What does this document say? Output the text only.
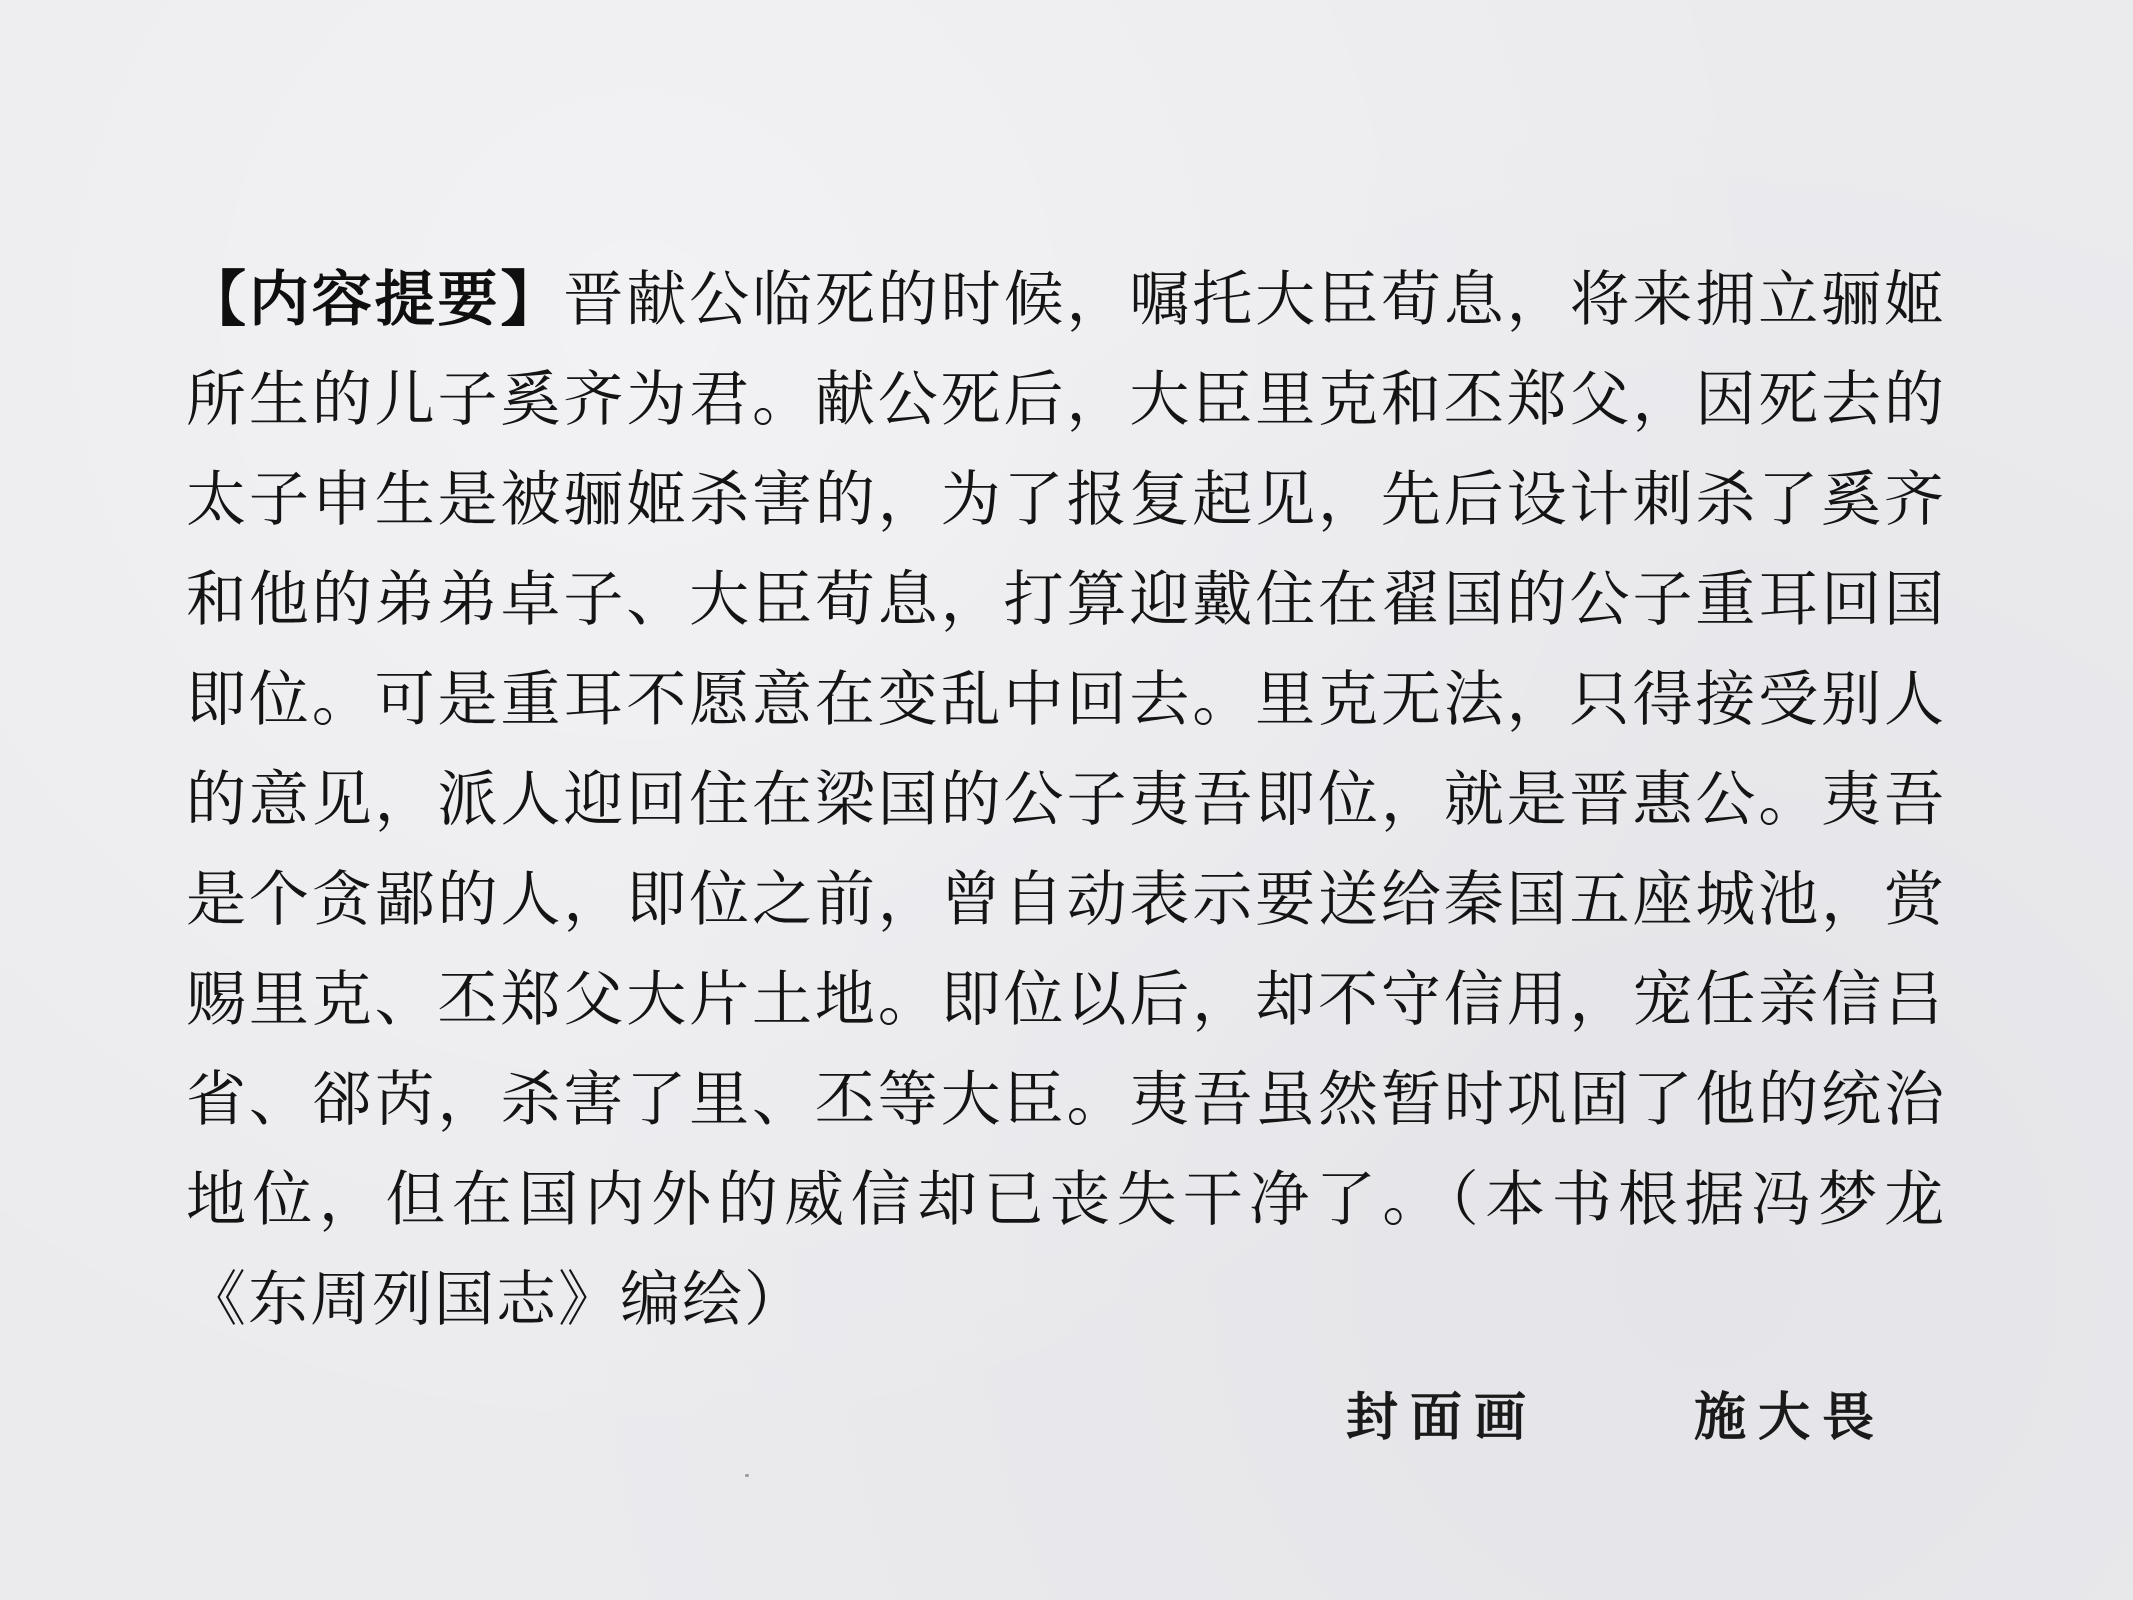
【内容提要】晋献公临死的时候，嘱托大臣荀息，将来拥立骊姬所生的儿子奚齐为君。献公死后，大臣里克和丕郑父，因死去的太子申生是被骊姬杀害的，为了报复起见，先后设计刺杀了奚齐和他的弟弟卓子、大臣荀息，打算迎戴住在翟国的公子重耳回国即位。可是重耳不愿意在变乱中回去。里克无法，只得接受别人的意见，派人迎回住在梁国的公子夷吾即位，就是晋惠公。夷吾是个贪鄙的人，即位之前，曾自动表示要送给秦国五座城池，赏赐里克、丕郑父大片土地。即位以后，却不守信用，宠任亲信吕省、郤芮，杀害了里、丕等大臣。夷吾虽然暂时巩固了他的统治地位，但在国内外的威信却已丧失干净了。（本书根据冯梦龙《东周列国志》编绘）

封面画	施大畏
